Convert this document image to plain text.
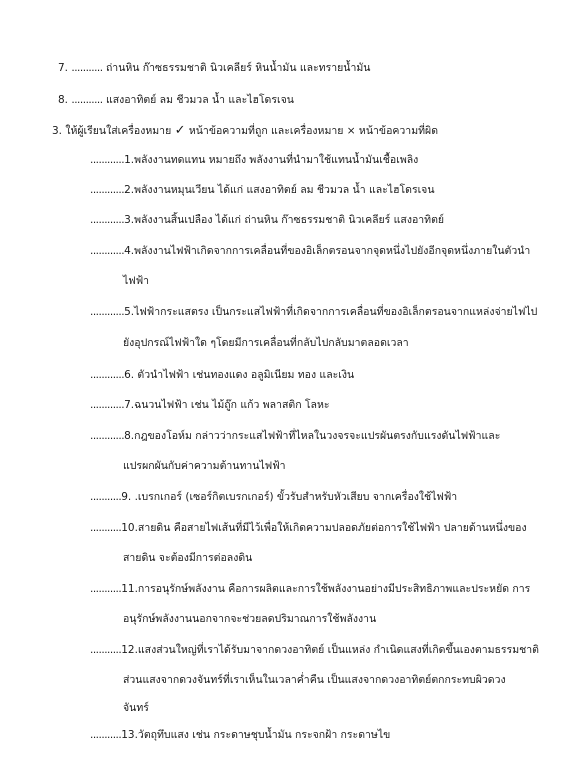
7. ........... ถ่านหิน ก๊าซธรรมชาติ นิวเคลียร์ หินน้ำมัน และทรายน้ำมัน
8. ........... แสงอาทิตย์ ลม ชีวมวล น้ำ และไฮโดรเจน
3. ให้ผู้เรียนใส่เครื่องหมาย ✓ หน้าข้อความที่ถูก และเครื่องหมาย × หน้าข้อความที่ผิด
............1.พลังงานทดแทน หมายถึง พลังงานที่นำมาใช้แทนน้ำมันเชื้อเพลิง
............2.พลังงานหมุนเวียน ได้แก่ แสงอาทิตย์ ลม ชีวมวล น้ำ และไฮโดรเจน
............3.พลังงานสิ้นเปลือง ได้แก่ ถ่านหิน ก๊าซธรรมชาติ นิวเคลียร์ แสงอาทิตย์
............4.พลังงานไฟฟ้าเกิดจากการเคลื่อนที่ของอิเล็กตรอนจากจุดหนึ่งไปยังอีกจุดหนึ่งภายในตัวนำ
ไฟฟ้า
............5.ไฟฟ้ากระแสตรง เป็นกระแสไฟฟ้าที่เกิดจากการเคลื่อนที่ของอิเล็กตรอนจากแหล่งจ่ายไฟไป
ยังอุปกรณ์ไฟฟ้าใด ๆโดยมีการเคลื่อนที่กลับไปกลับมาตลอดเวลา
............6. ตัวนำไฟฟ้า เช่นทองแดง อลูมิเนียม ทอง และเงิน
............7.ฉนวนไฟฟ้า เช่น ไม้ถู๊ก แก้ว พลาสติก โลหะ
............8.กฎของโอห์ม กล่าวว่ากระแสไฟฟ้าที่ไหลในวงจรจะแปรผันตรงกับแรงดันไฟฟ้าและ
แปรผกผันกับค่าความต้านทานไฟฟ้า
...........9. .เบรกเกอร์ (เซอร์กิตเบรกเกอร์) ขั้วรับสำหรับหัวเสียบ จากเครื่องใช้ไฟฟ้า
...........10.สายดิน คือสายไฟเส้นที่มีไว้เพื่อให้เกิดความปลอดภัยต่อการใช้ไฟฟ้า ปลายด้านหนึ่งของ
สายดิน จะต้องมีการต่อลงดิน
...........11.การอนุรักษ์พลังงาน คือการผลิตและการใช้พลังงานอย่างมีประสิทธิภาพและประหยัด การ
อนุรักษ์พลังงานนอกจากจะช่วยลดปริมาณการใช้พลังงาน
...........12.แสงส่วนใหญ่ที่เราได้รับมาจากดวงอาทิตย์ เป็นแหล่ง กำเนิดแสงที่เกิดขึ้นเองตามธรรมชาติ
ส่วนแสงจากดวงจันทร์ที่เราเห็นในเวลาค่ำคืน เป็นแสงจากดวงอาทิตย์ตกกระทบผิวดวง
จันทร์
...........13.วัตถุทึบแสง เช่น กระดาษชุบน้ำมัน กระจกฝ้า กระดาษไข
